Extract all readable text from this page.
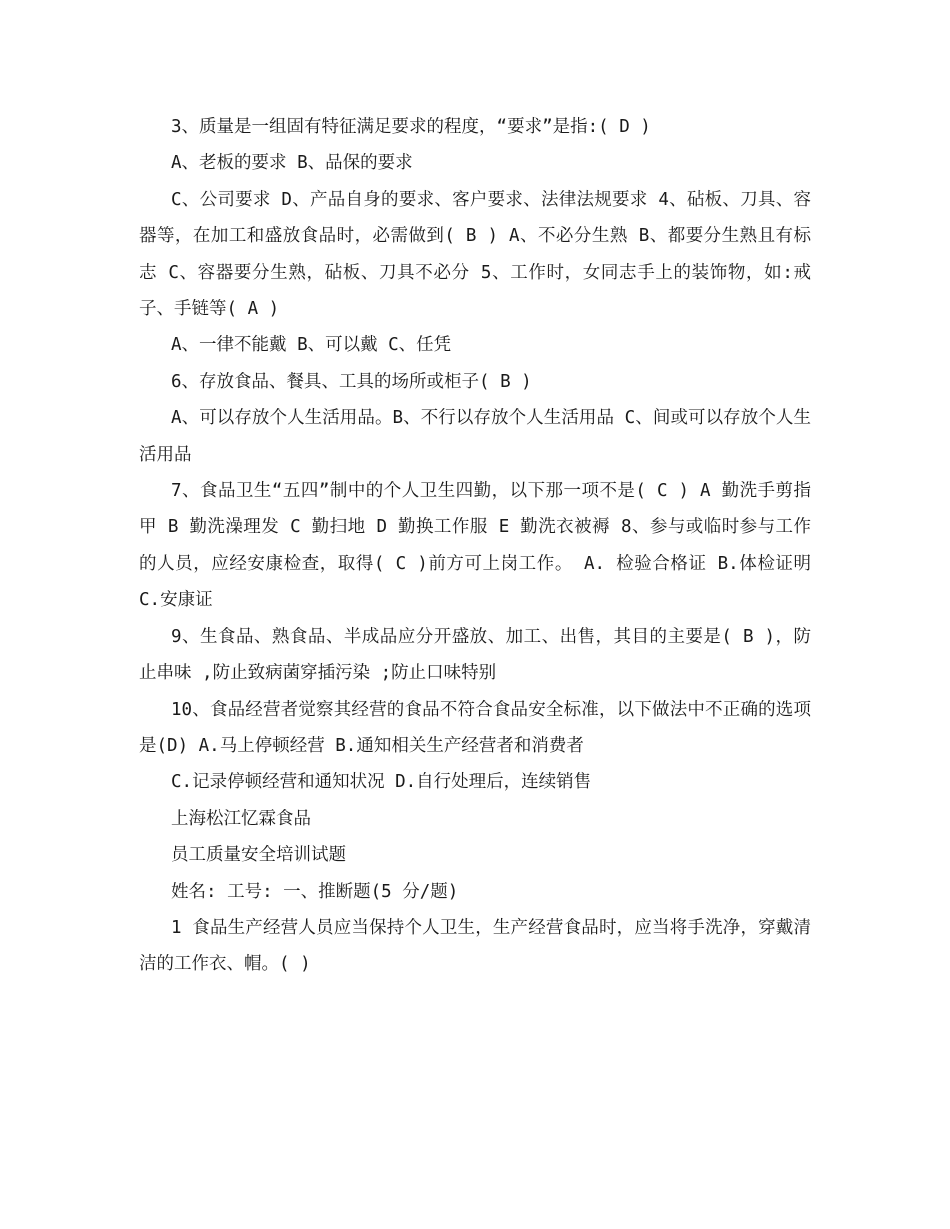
3、质量是一组固有特征满足要求的程度，“要求”是指:( D )

A、老板的要求 B、品保的要求

C、公司要求 D、产品自身的要求、客户要求、法律法规要求 4、砧板、刀具、容器等，在加工和盛放食品时，必需做到( B ) A、不必分生熟 B、都要分生熟且有标志 C、容器要分生熟，砧板、刀具不必分 5、工作时，女同志手上的装饰物，如:戒子、手链等( A )

A、一律不能戴 B、可以戴 C、任凭

6、存放食品、餐具、工具的场所或柜子( B )

A、可以存放个人生活用品。B、不行以存放个人生活用品 C、间或可以存放个人生活用品

7、食品卫生“五四”制中的个人卫生四勤，以下那一项不是( C ) A 勤洗手剪指甲 B 勤洗澡理发 C 勤扫地 D 勤换工作服 E 勤洗衣被褥 8、参与或临时参与工作的人员，应经安康检查，取得( C )前方可上岗工作。 A. 检验合格证 B.体检证明 C.安康证

9、生食品、熟食品、半成品应分开盛放、加工、出售，其目的主要是( B )，防止串味 ,防止致病菌穿插污染 ;防止口味特别

10、食品经营者觉察其经营的食品不符合食品安全标准，以下做法中不正确的选项是(D) A.马上停顿经营 B.通知相关生产经营者和消费者

C.记录停顿经营和通知状况 D.自行处理后，连续销售

上海松江忆霖食品

员工质量安全培训试题

姓名: 工号: 一、推断题(5 分/题)

1 食品生产经营人员应当保持个人卫生，生产经营食品时，应当将手洗净，穿戴清洁的工作衣、帽。( )
